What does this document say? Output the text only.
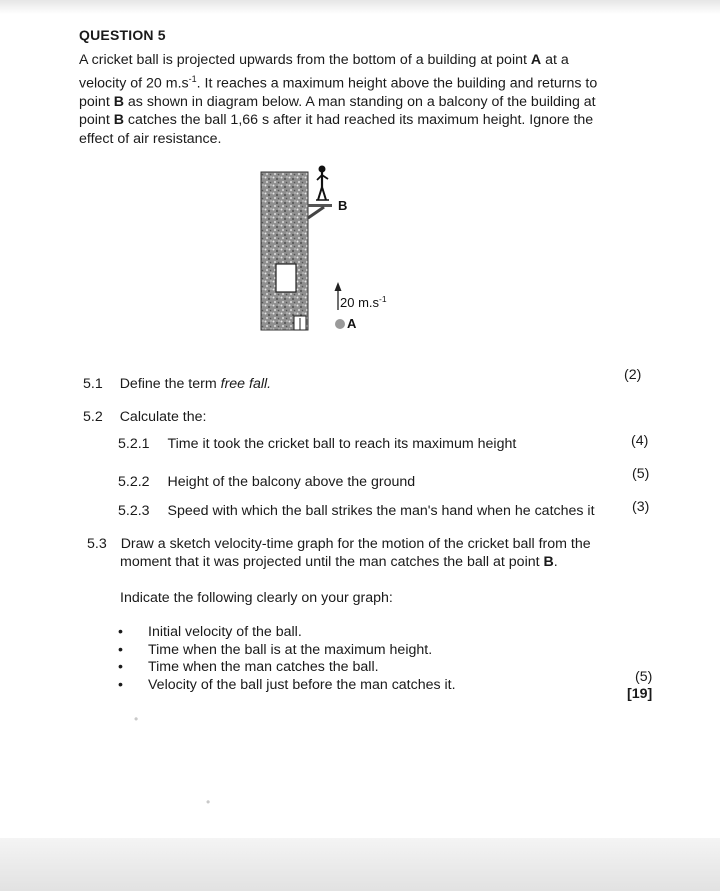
QUESTION 5

A cricket ball is projected upwards from the bottom of a building at point A at a velocity of 20 $m.s^{-1}$. It reaches a maximum height above the building and returns to point B as shown in diagram below. A man standing on a balcony of the building at point B catches the ball 1,66 s after it had reached its maximum height. Ignore the effect of air resistance.

B
20 $m.s^{-1}$
A
5.1 Define the term free fall.
(2)
5.2 Calculate the:
5.2.1 Time it took the cricket ball to reach its maximum height	(4)
5.2.2 Height of the balcony above the ground	(5)
5.2.3 Speed with which the ball strikes the man's hand when he catches it	(3)
5.3 Draw a sketch velocity-time graph for the motion of the cricket ball from the
moment that it was projected until the man catches the ball at point B.
Indicate the following clearly on your graph:
• Initial velocity of the ball.
• Time when the ball is at the maximum height.
• Time when the man catches the ball.
• Velocity of the ball just before the man catches it.	(5)
[19]
•
•
